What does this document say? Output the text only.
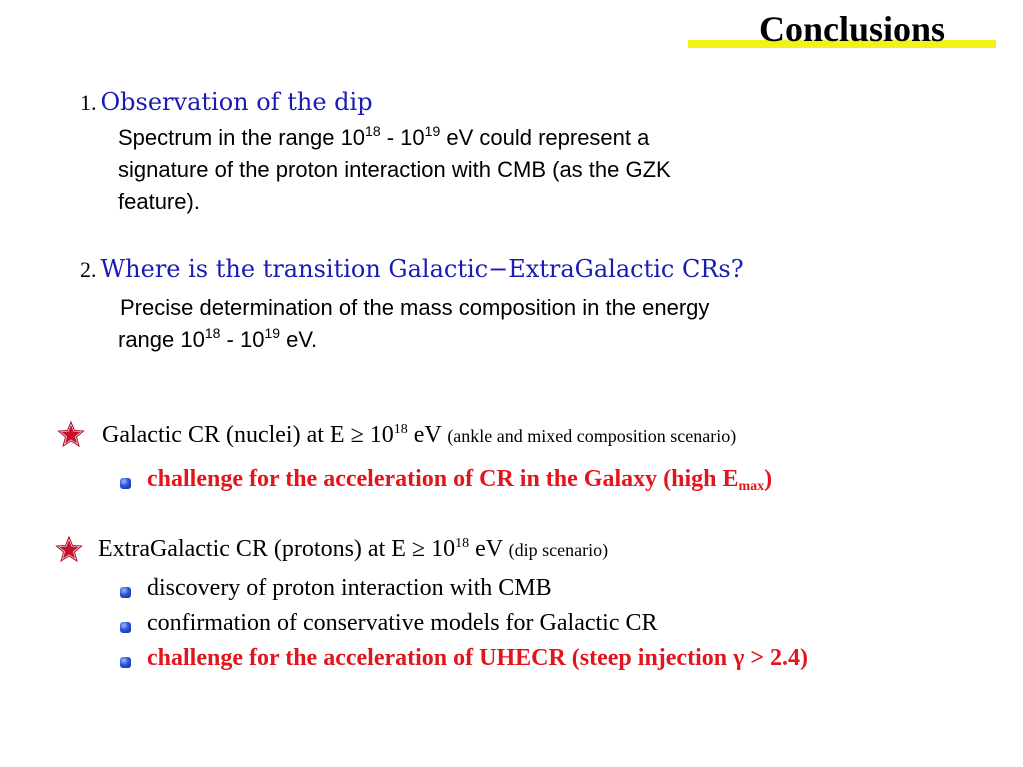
Conclusions
1. Observation of the dip
Spectrum in the range $10^{18} - 10^{19}$ eV could represent a
signature of the proton interaction with CMB (as the GZK
feature).
2. Where is the transition Galactic−ExtraGalactic CRs?
Precise determination of the mass composition in the energy
range $10^{18} - 10^{19}$ eV.
Galactic CR (nuclei) at $E \ge 10^{18}$ eV (ankle and mixed composition scenario)
challenge for the acceleration of CR in the Galaxy (high $E_{max}$)
ExtraGalactic CR (protons) at $E \ge 10^{18}$ eV (dip scenario)
discovery of proton interaction with CMB
confirmation of conservative models for Galactic CR
challenge for the acceleration of UHECR (steep injection γ > 2.4)
